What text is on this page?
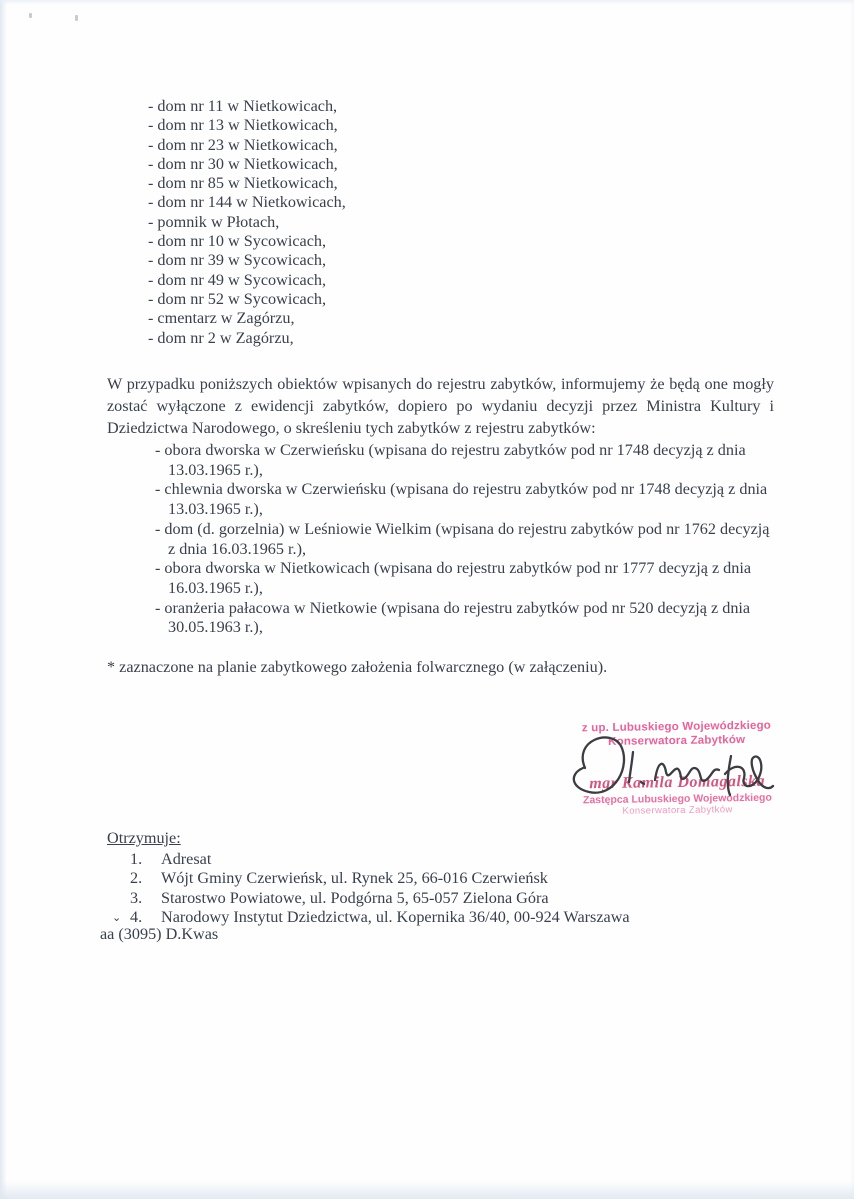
- dom nr 11 w Nietkowicach,
- dom nr 13 w Nietkowicach,
- dom nr 23 w Nietkowicach,
- dom nr 30 w Nietkowicach,
- dom nr 85 w Nietkowicach,
- dom nr 144 w Nietkowicach,
- pomnik w Płotach,
- dom nr 10 w Sycowicach,
- dom nr 39 w Sycowicach,
- dom nr 49 w Sycowicach,
- dom nr 52 w Sycowicach,
- cmentarz w Zagórzu,
- dom nr 2 w Zagórzu,
W przypadku poniższych obiektów wpisanych do rejestru zabytków, informujemy że będą one mogły zostać wyłączone z ewidencji zabytków, dopiero po wydaniu decyzji przez Ministra Kultury i Dziedzictwa Narodowego, o skreśleniu tych zabytków z rejestru zabytków:
- obora dworska w Czerwieńsku (wpisana do rejestru zabytków pod nr 1748 decyzją z dnia 13.03.1965 r.),
- chlewnia dworska w Czerwieńsku (wpisana do rejestru zabytków pod nr 1748 decyzją z dnia 13.03.1965 r.),
- dom (d. gorzelnia) w Leśniowie Wielkim (wpisana do rejestru zabytków pod nr 1762 decyzją z dnia 16.03.1965 r.),
- obora dworska w Nietkowicach (wpisana do rejestru zabytków pod nr 1777 decyzją z dnia 16.03.1965 r.),
- oranżeria pałacowa w Nietkowie (wpisana do rejestru zabytków pod nr 520 decyzją z dnia 30.05.1963 r.),
* zaznaczone na planie zabytkowego założenia folwarcznego (w załączeniu).
z up. Lubuskiego Wojewódzkiego
Konserwatora Zabytków
mgr Kamila Domagalska
Zastępca Lubuskiego Wojewódzkiego
Konserwatora Zabytków
Otrzymuje:
1. Adresat
2. Wójt Gminy Czerwieńsk, ul. Rynek 25, 66-016 Czerwieńsk
3. Starostwo Powiatowe, ul. Podgórna 5, 65-057 Zielona Góra
⌄ 4. Narodowy Instytut Dziedzictwa, ul. Kopernika 36/40, 00-924 Warszawa
aa (3095) D.Kwas
